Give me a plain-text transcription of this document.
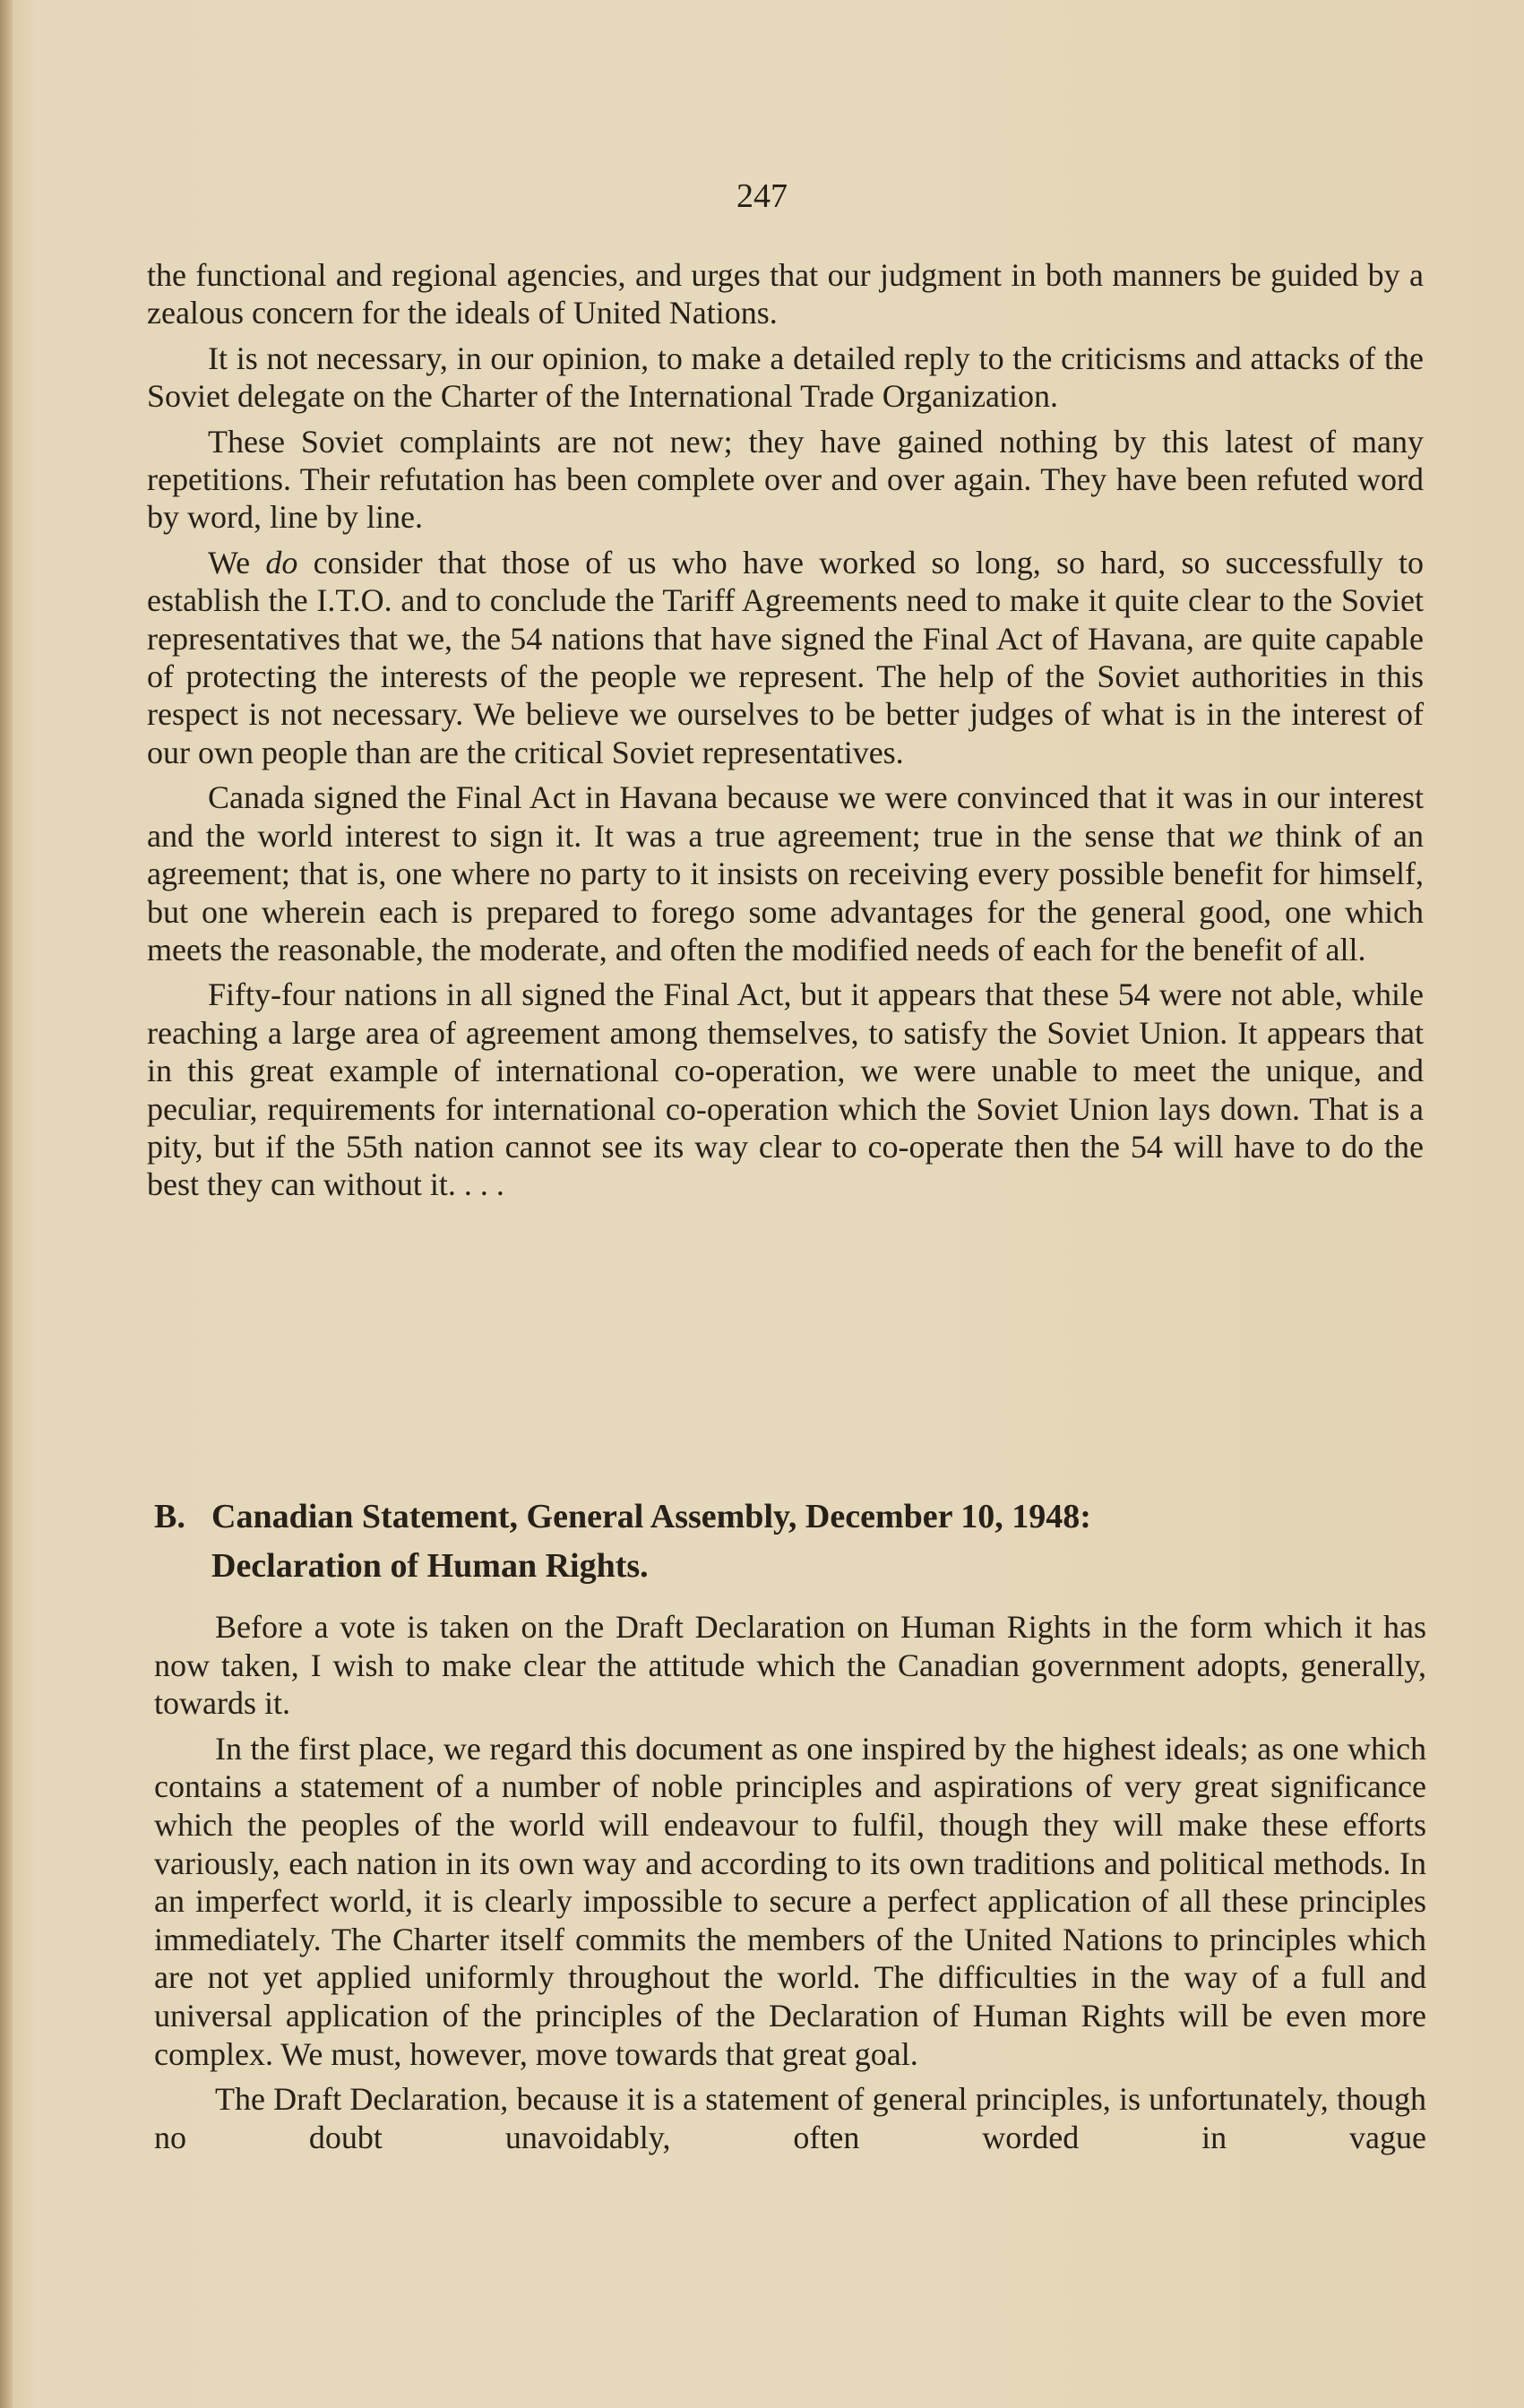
247

the functional and regional agencies, and urges that our judgment in both manners be guided by a zealous concern for the ideals of United Nations.

It is not necessary, in our opinion, to make a detailed reply to the criticisms and attacks of the Soviet delegate on the Charter of the International Trade Organization.

These Soviet complaints are not new; they have gained nothing by this latest of many repetitions. Their refutation has been complete over and over again. They have been refuted word by word, line by line.

We do consider that those of us who have worked so long, so hard, so successfully to establish the I.T.O. and to conclude the Tariff Agreements need to make it quite clear to the Soviet representatives that we, the 54 nations that have signed the Final Act of Havana, are quite capable of protecting the interests of the people we represent. The help of the Soviet authorities in this respect is not necessary. We believe we ourselves to be better judges of what is in the interest of our own people than are the critical Soviet representatives.

Canada signed the Final Act in Havana because we were convinced that it was in our interest and the world interest to sign it. It was a true agreement; true in the sense that we think of an agreement; that is, one where no party to it insists on receiving every possible benefit for himself, but one wherein each is prepared to forego some advantages for the general good, one which meets the reasonable, the moderate, and often the modified needs of each for the benefit of all.

Fifty-four nations in all signed the Final Act, but it appears that these 54 were not able, while reaching a large area of agreement among themselves, to satisfy the Soviet Union. It appears that in this great example of international co-operation, we were unable to meet the unique, and peculiar, requirements for international co-operation which the Soviet Union lays down. That is a pity, but if the 55th nation cannot see its way clear to co-operate then the 54 will have to do the best they can without it. . . .

B. Canadian Statement, General Assembly, December 10, 1948:
Declaration of Human Rights.

Before a vote is taken on the Draft Declaration on Human Rights in the form which it has now taken, I wish to make clear the attitude which the Canadian government adopts, generally, towards it.

In the first place, we regard this document as one inspired by the highest ideals; as one which contains a statement of a number of noble principles and aspirations of very great significance which the peoples of the world will endeavour to fulfil, though they will make these efforts variously, each nation in its own way and according to its own traditions and political methods. In an imperfect world, it is clearly impossible to secure a perfect application of all these principles immediately. The Charter itself commits the members of the United Nations to principles which are not yet applied uniformly throughout the world. The difficulties in the way of a full and universal application of the principles of the Declaration of Human Rights will be even more complex. We must, however, move towards that great goal.

The Draft Declaration, because it is a statement of general principles, is unfortunately, though no doubt unavoidably, often worded in vague
